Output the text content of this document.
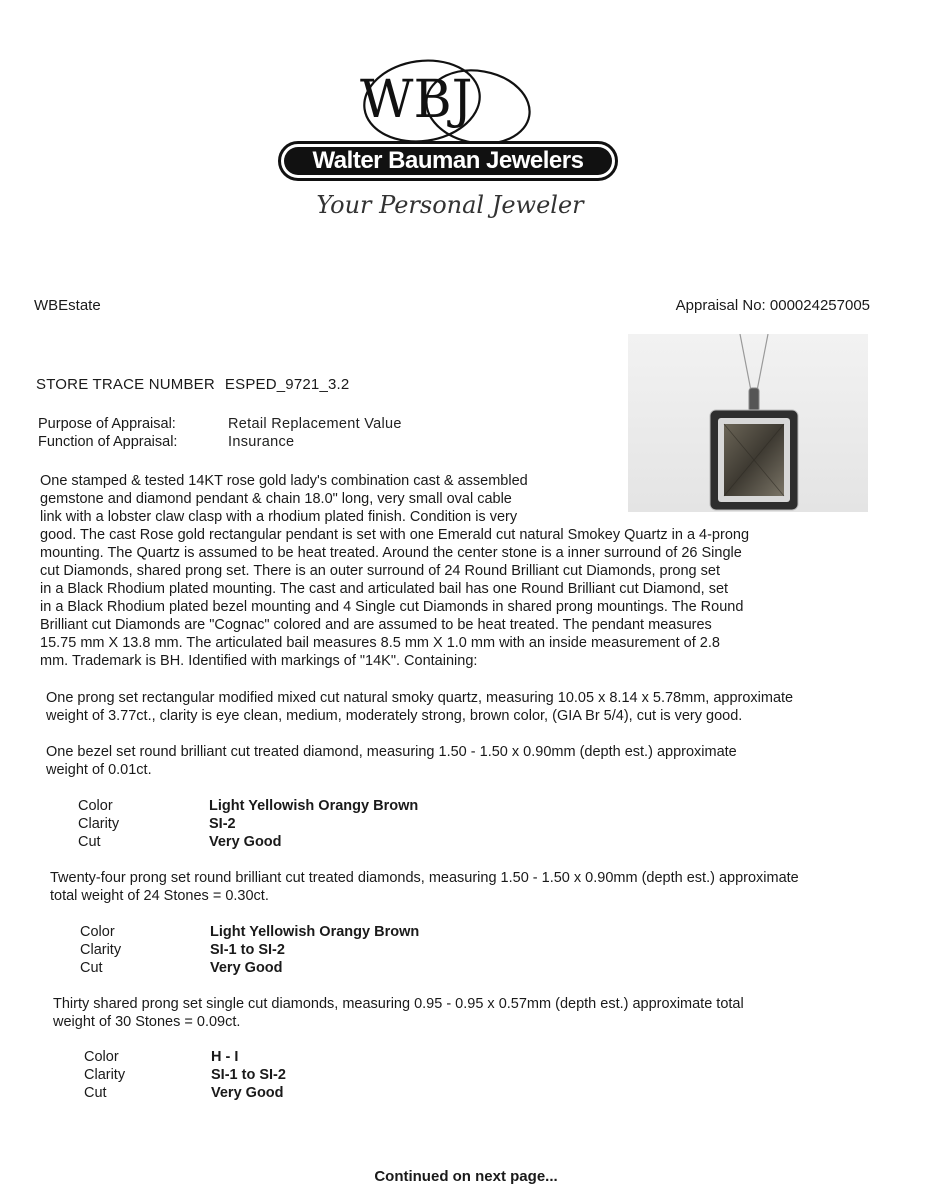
WBJ
Walter Bauman Jewelers
Your Personal Jeweler
WBEstate	Appraisal No: 000024257005
STORE TRACE NUMBER ESPED_9721_3.2
Purpose of Appraisal:	Retail Replacement Value
Function of Appraisal:	Insurance
One stamped & tested 14KT rose gold lady's combination cast & assembled
gemstone and diamond pendant & chain 18.0" long, very small oval cable
link with a lobster claw clasp with a rhodium plated finish. Condition is very
good. The cast Rose gold rectangular pendant is set with one Emerald cut natural Smokey Quartz in a 4-prong
mounting. The Quartz is assumed to be heat treated. Around the center stone is a inner surround of 26 Single
cut Diamonds, shared prong set. There is an outer surround of 24 Round Brilliant cut Diamonds, prong set
in a Black Rhodium plated mounting. The cast and articulated bail has one Round Brilliant cut Diamond, set
in a Black Rhodium plated bezel mounting and 4 Single cut Diamonds in shared prong mountings. The Round
Brilliant cut Diamonds are "Cognac" colored and are assumed to be heat treated. The pendant measures
15.75 mm X 13.8 mm. The articulated bail measures 8.5 mm X 1.0 mm with an inside measurement of 2.8
mm. Trademark is BH. Identified with markings of "14K". Containing:
One prong set rectangular modified mixed cut natural smoky quartz, measuring 10.05 x 8.14 x 5.78mm, approximate
weight of 3.77ct., clarity is eye clean, medium, moderately strong, brown color, (GIA Br 5/4), cut is very good.
One bezel set round brilliant cut treated diamond, measuring 1.50 - 1.50 x 0.90mm (depth est.) approximate
weight of 0.01ct.
Color	Light Yellowish Orangy Brown
Clarity	SI-2
Cut	Very Good
Twenty-four prong set round brilliant cut treated diamonds, measuring 1.50 - 1.50 x 0.90mm (depth est.) approximate
total weight of 24 Stones = 0.30ct.
Color	Light Yellowish Orangy Brown
Clarity	SI-1 to SI-2
Cut	Very Good
Thirty shared prong set single cut diamonds, measuring 0.95 - 0.95 x 0.57mm (depth est.) approximate total
weight of 30 Stones = 0.09ct.
Color	H - I
Clarity	SI-1 to SI-2
Cut	Very Good
Continued on next page...
